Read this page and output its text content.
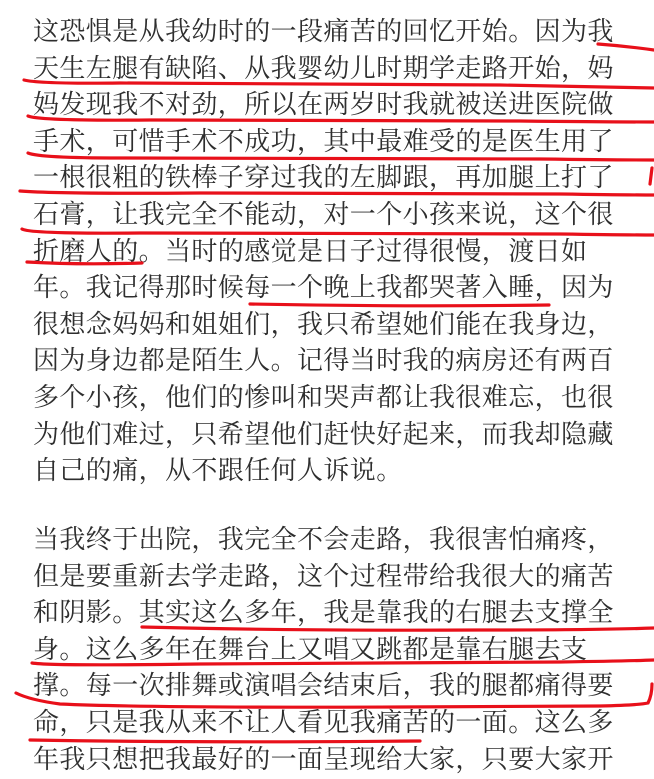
这恐惧是从我幼时的一段痛苦的回忆开始。因为我
天生左腿有缺陷、从我婴幼儿时期学走路开始，妈
妈发现我不对劲，所以在两岁时我就被送进医院做
手术，可惜手术不成功，其中最难受的是医生用了
一根很粗的铁棒子穿过我的左脚跟，再加腿上打了
石膏，让我完全不能动，对一个小孩来说，这个很
折磨人的。当时的感觉是日子过得很慢，渡日如
年。我记得那时候每一个晚上我都哭著入睡，因为
很想念妈妈和姐姐们，我只希望她们能在我身边，
因为身边都是陌生人。记得当时我的病房还有两百
多个小孩，他们的惨叫和哭声都让我很难忘，也很
为他们难过，只希望他们赶快好起来，而我却隐藏
自己的痛，从不跟任何人诉说。
当我终于出院，我完全不会走路，我很害怕痛疼，
但是要重新去学走路，这个过程带给我很大的痛苦
和阴影。其实这么多年，我是靠我的右腿去支撑全
身。这么多年在舞台上又唱又跳都是靠右腿去支
撑。每一次排舞或演唱会结束后，我的腿都痛得要
命，只是我从来不让人看见我痛苦的一面。这么多
年我只想把我最好的一面呈现给大家，只要大家开
